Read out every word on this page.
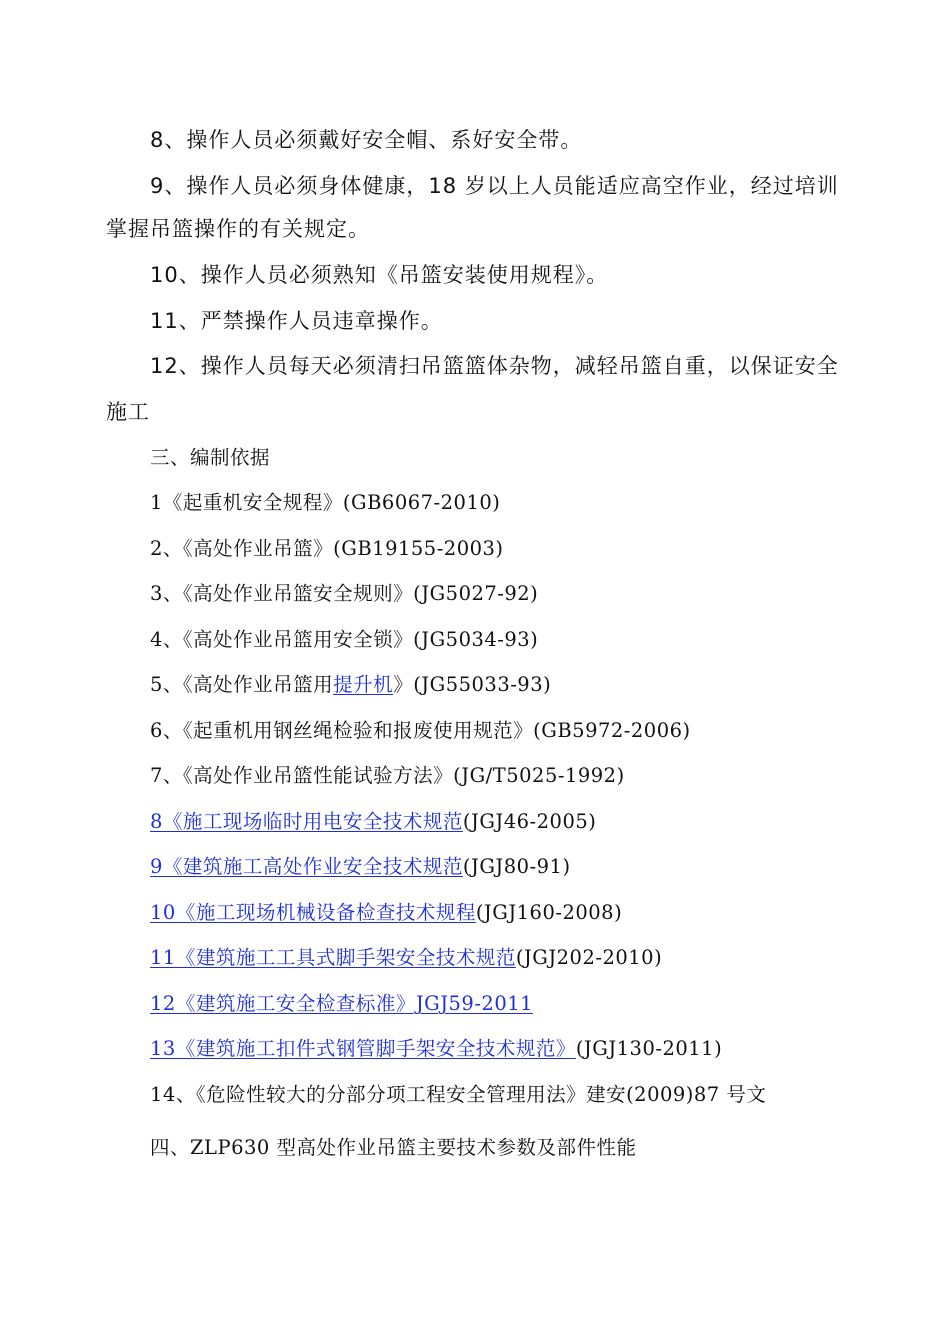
8、操作人员必须戴好安全帽、系好安全带。
9、操作人员必须身体健康，18 岁以上人员能适应高空作业，经过培训
掌握吊篮操作的有关规定。
10、操作人员必须熟知《吊篮安装使用规程》。
11、严禁操作人员违章操作。
12、操作人员每天必须清扫吊篮篮体杂物，减轻吊篮自重，以保证安全
施工
三、编制依据
1《起重机安全规程》(GB6067-2010)
2、《高处作业吊篮》(GB19155-2003)
3、《高处作业吊篮安全规则》(JG5027-92)
4、《高处作业吊篮用安全锁》(JG5034-93)
5、《高处作业吊篮用提升机》(JG55033-93)
6、《起重机用钢丝绳检验和报废使用规范》(GB5972-2006)
7、《高处作业吊篮性能试验方法》(JG/T5025-1992)
8《施工现场临时用电安全技术规范(JGJ46-2005)
9《建筑施工高处作业安全技术规范(JGJ80-91)
10《施工现场机械设备检查技术规程(JGJ160-2008)
11《建筑施工工具式脚手架安全技术规范(JGJ202-2010)
12《建筑施工安全检查标准》JGJ59-2011
13《建筑施工扣件式钢管脚手架安全技术规范》(JGJ130-2011)
14、《危险性较大的分部分项工程安全管理用法》建安(2009)87 号文
四、ZLP630 型高处作业吊篮主要技术参数及部件性能
